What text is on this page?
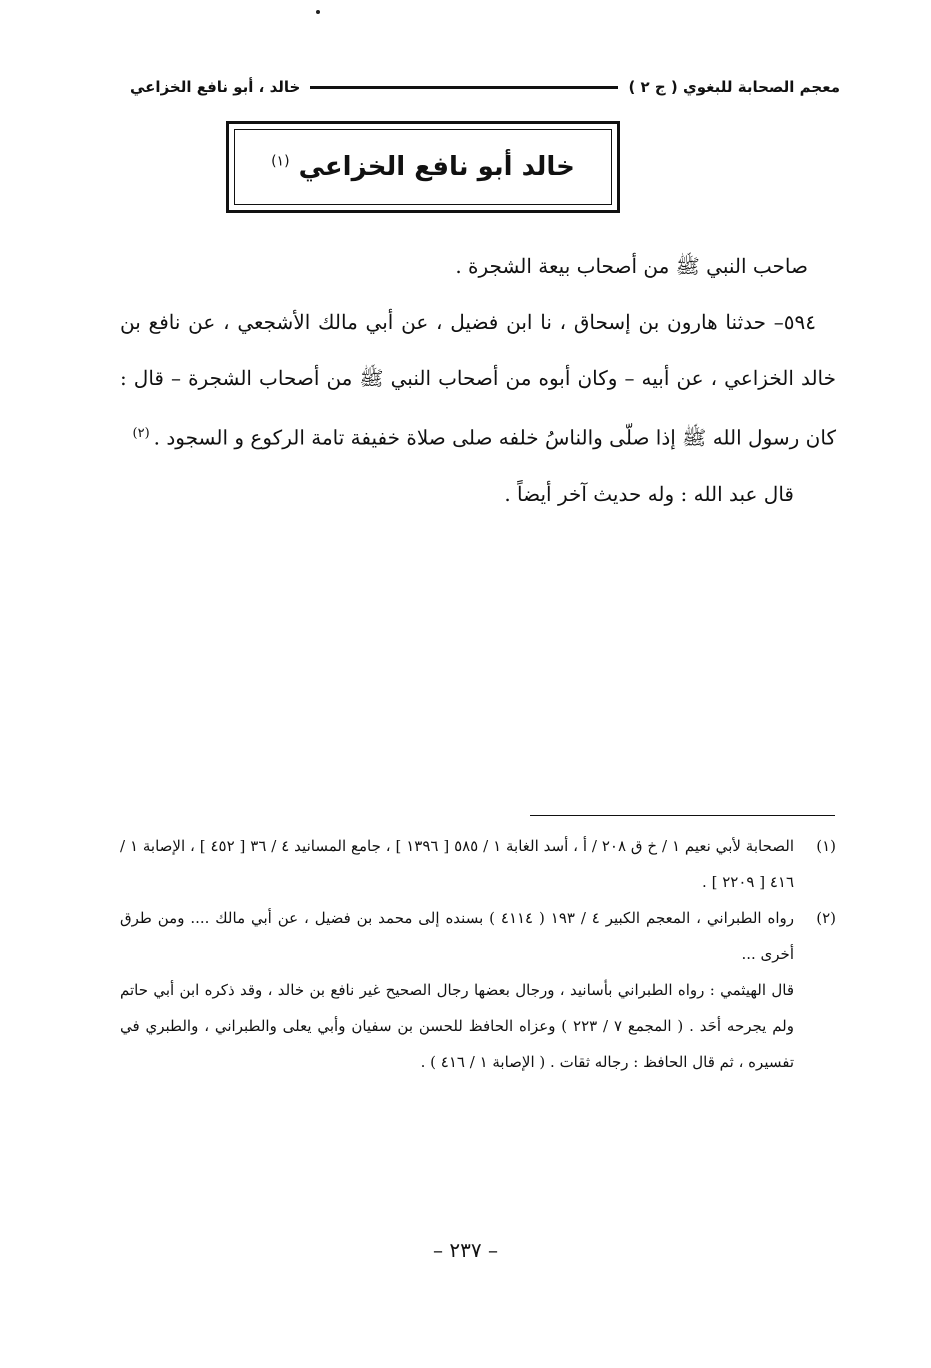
معجم الصحابة للبغوي ( ج ٢ )
خالد ، أبو نافع الخزاعي
خالد أبو نافع الخزاعي $^{(١)}$

صاحب النبي ﷺ من أصحاب بيعة الشجرة .

٥٩٤– حدثنا هارون بن إسحاق ، نا ابن فضيل ، عن أبي مالك الأشجعي ، عن نافع بن خالد الخزاعي ، عن أبيه – وكان أبوه من أصحاب النبي ﷺ من أصحاب الشجرة – قال : كان رسول الله ﷺ إذا صلّى والناسُ خلفه صلى صلاة خفيفة تامة الركوع و السجود .$^{(٢)}$

قال عبد الله : وله حديث آخر أيضاً .

(١)

الصحابة لأبي نعيم ١ / خ ق ٢٠٨ / أ ، أسد الغابة ١ / ٥٨٥ [ ١٣٩٦ ] ، جامع المسانيد ٤ / ٣٦ [ ٤٥٢ ] ، الإصابة ١ / ٤١٦ [ ٢٢٠٩ ] .

(٢)

رواه الطبراني ، المعجم الكبير ٤ / ١٩٣ ( ٤١١٤ ) بسنده إلى محمد بن فضيل ، عن أبي مالك .... ومن طرق أخرى ...

قال الهيثمي : رواه الطبراني بأسانيد ، ورجال بعضها رجال الصحيح غير نافع بن خالد ، وقد ذكره ابن أبي حاتم ولم يجرحه أحَد . ( المجمع ٧ / ٢٢٣ ) وعزاه الحافظ للحسن بن سفيان وأبي يعلى والطبراني ، والطبري في تفسيره ، ثم قال الحافظ : رجاله ثقات . ( الإصابة ١ / ٤١٦ ) .

– ٢٣٧ –
